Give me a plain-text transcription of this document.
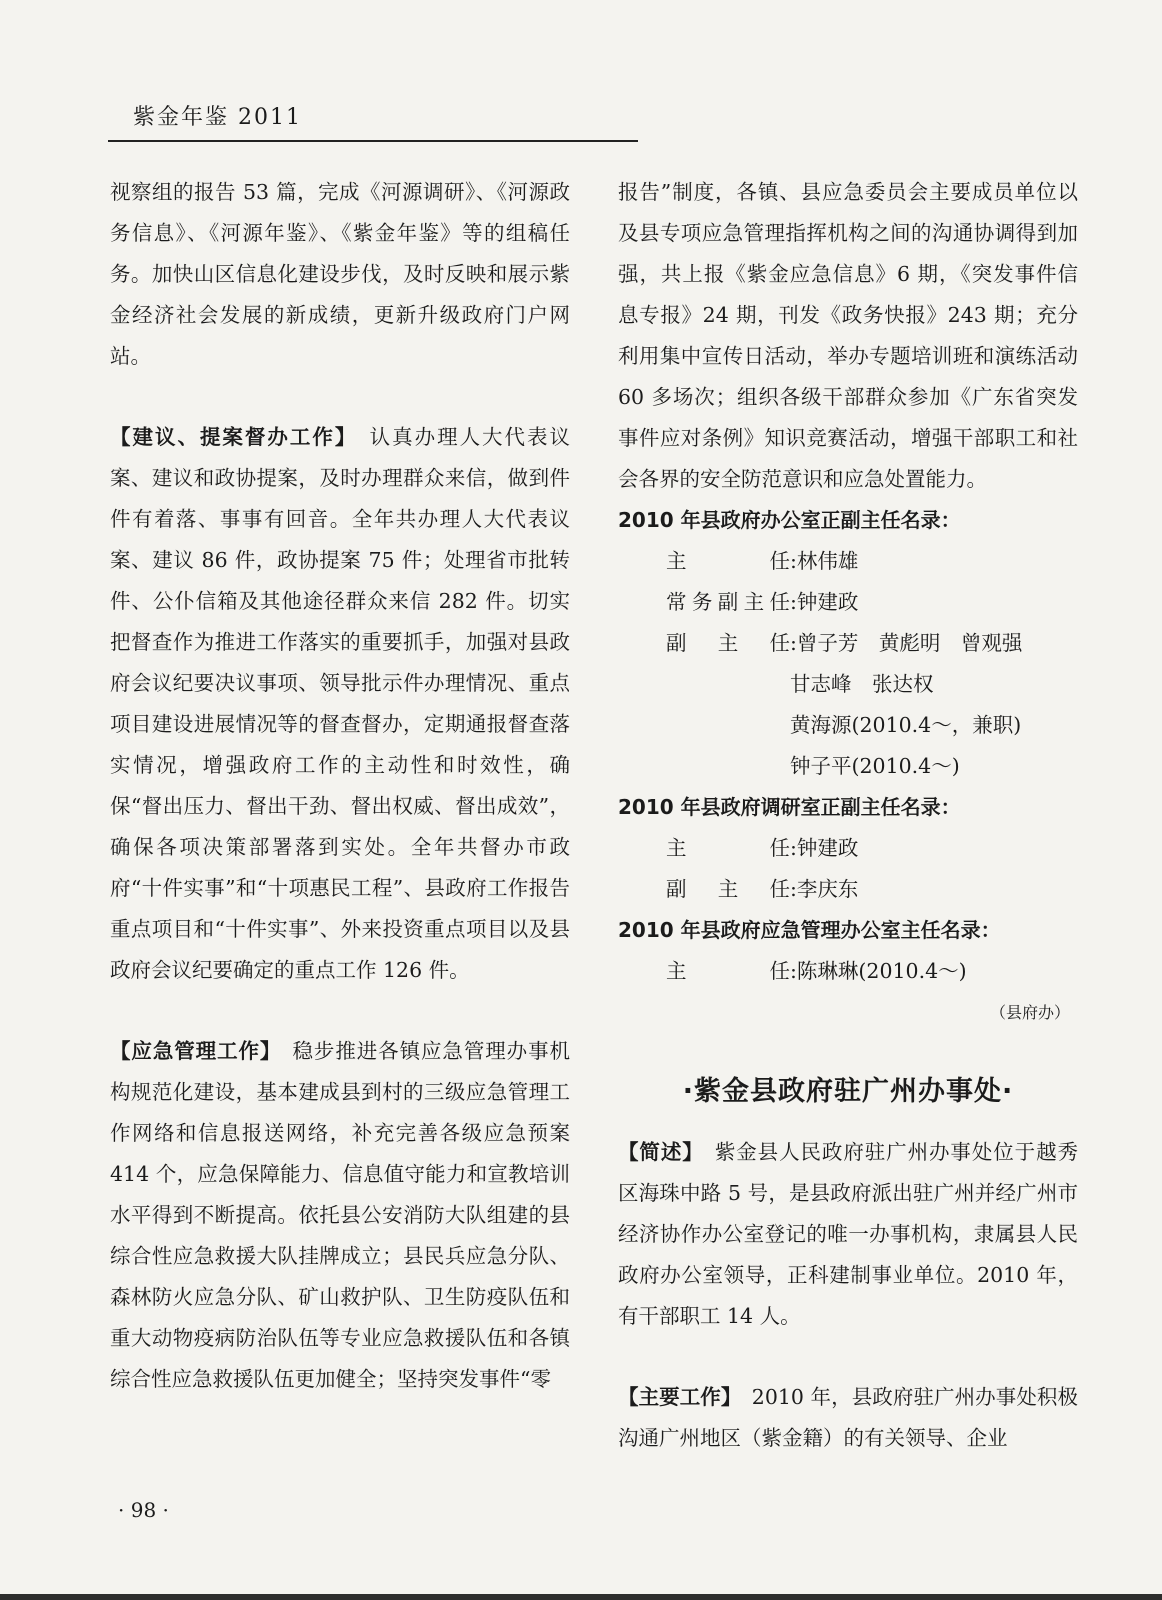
紫金年鉴 2011

视察组的报告 53 篇，完成《河源调研》、《河源政务信息》、《河源年鉴》、《紫金年鉴》等的组稿任务。加快山区信息化建设步伐，及时反映和展示紫金经济社会发展的新成绩，更新升级政府门户网站。

【建议、提案督办工作】　 认真办理人大代表议案、建议和政协提案，及时办理群众来信，做到件件有着落、事事有回音。全年共办理人大代表议案、建议 86 件，政协提案 75 件；处理省市批转件、公仆信箱及其他途径群众来信 282 件。切实把督查作为推进工作落实的重要抓手，加强对县政府会议纪要决议事项、领导批示件办理情况、重点项目建设进展情况等的督查督办，定期通报督查落实情况，增强政府工作的主动性和时效性，确保“督出压力、督出干劲、督出权威、督出成效”，确保各项决策部署落到实处。全年共督办市政府“十件实事”和“十项惠民工程”、县政府工作报告重点项目和“十件实事”、外来投资重点项目以及县政府会议纪要确定的重点工作 126 件。

【应急管理工作】　 稳步推进各镇应急管理办事机构规范化建设，基本建成县到村的三级应急管理工作网络和信息报送网络，补充完善各级应急预案 414 个，应急保障能力、信息值守能力和宣教培训水平得到不断提高。依托县公安消防大队组建的县综合性应急救援大队挂牌成立；县民兵应急分队、森林防火应急分队、矿山救护队、卫生防疫队伍和重大动物疫病防治队伍等专业应急救援队伍和各镇综合性应急救援队伍更加健全；坚持突发事件“零

报告”制度，各镇、县应急委员会主要成员单位以及县专项应急管理指挥机构之间的沟通协调得到加强，共上报《紫金应急信息》6 期，《突发事件信息专报》24 期，刊发《政务快报》243 期；充分利用集中宣传日活动，举办专题培训班和演练活动 60 多场次；组织各级干部群众参加《广东省突发事件应对条例》知识竞赛活动，增强干部职工和社会各界的安全防范意识和应急处置能力。

2010 年县政府办公室正副主任名录：

主任 : 林伟雄
常务副主任 : 钟建政
副主任 : 曾子芳　黄彪明　曾观强
甘志峰　张达权
黄海源(2010.4～，兼职)
钟子平(2010.4～)

2010 年县政府调研室正副主任名录：

主任 : 钟建政
副主任 : 李庆东

2010 年县政府应急管理办公室主任名录：

主任 : 陈琳琳(2010.4～)
（县府办）
·紫金县政府驻广州办事处·

【简述】　 紫金县人民政府驻广州办事处位于越秀区海珠中路 5 号，是县政府派出驻广州并经广州市经济协作办公室登记的唯一办事机构，隶属县人民政府办公室领导，正科建制事业单位。2010 年，有干部职工 14 人。

【主要工作】　 2010 年，县政府驻广州办事处积极沟通广州地区（紫金籍）的有关领导、企业

· 98 ·
